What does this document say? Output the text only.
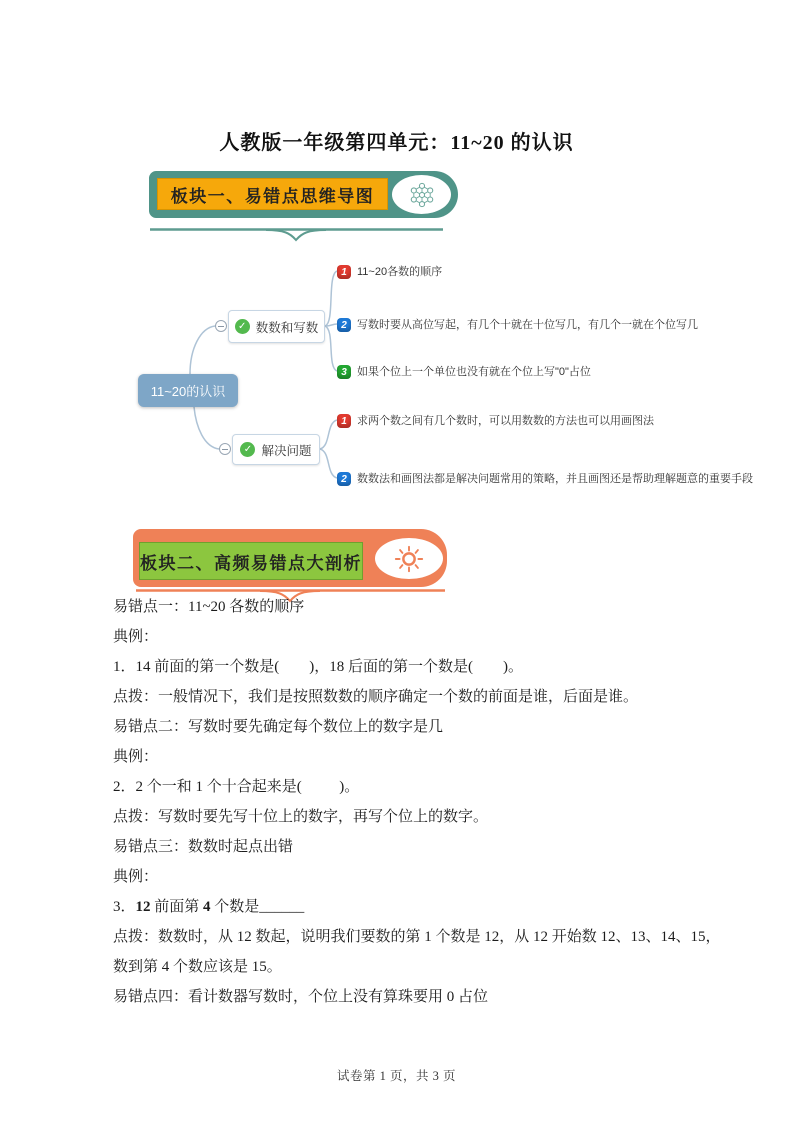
人教版一年级第四单元：11~20 的认识
板块一、易错点思维导图
11~20的认识
✓ 数数和写数
✓ 解决问题
1 11~20各数的顺序
2 写数时要从高位写起，有几个十就在十位写几，有几个一就在个位写几
3 如果个位上一个单位也没有就在个位上写"0"占位
1 求两个数之间有几个数时，可以用数数的方法也可以用画图法
2 数数法和画图法都是解决问题常用的策略，并且画图还是帮助理解题意的重要手段
板块二、高频易错点大剖析

易错点一：11~20 各数的顺序

典例：

1．14 前面的第一个数是(        )，18 后面的第一个数是(        )。

点拨：一般情况下，我们是按照数数的顺序确定一个数的前面是谁，后面是谁。

易错点二：写数时要先确定每个数位上的数字是几

典例：

2．2 个一和 1 个十合起来是(          )。

点拨：写数时要先写十位上的数字，再写个位上的数字。

易错点三：数数时起点出错

典例：

3．12 前面第 4 个数是______

点拨：数数时，从 12 数起，说明我们要数的第 1 个数是 12，从 12 开始数 12、13、14、15，

数到第 4 个数应该是 15。

易错点四：看计数器写数时，个位上没有算珠要用 0 占位

试卷第 1 页，共 3 页
